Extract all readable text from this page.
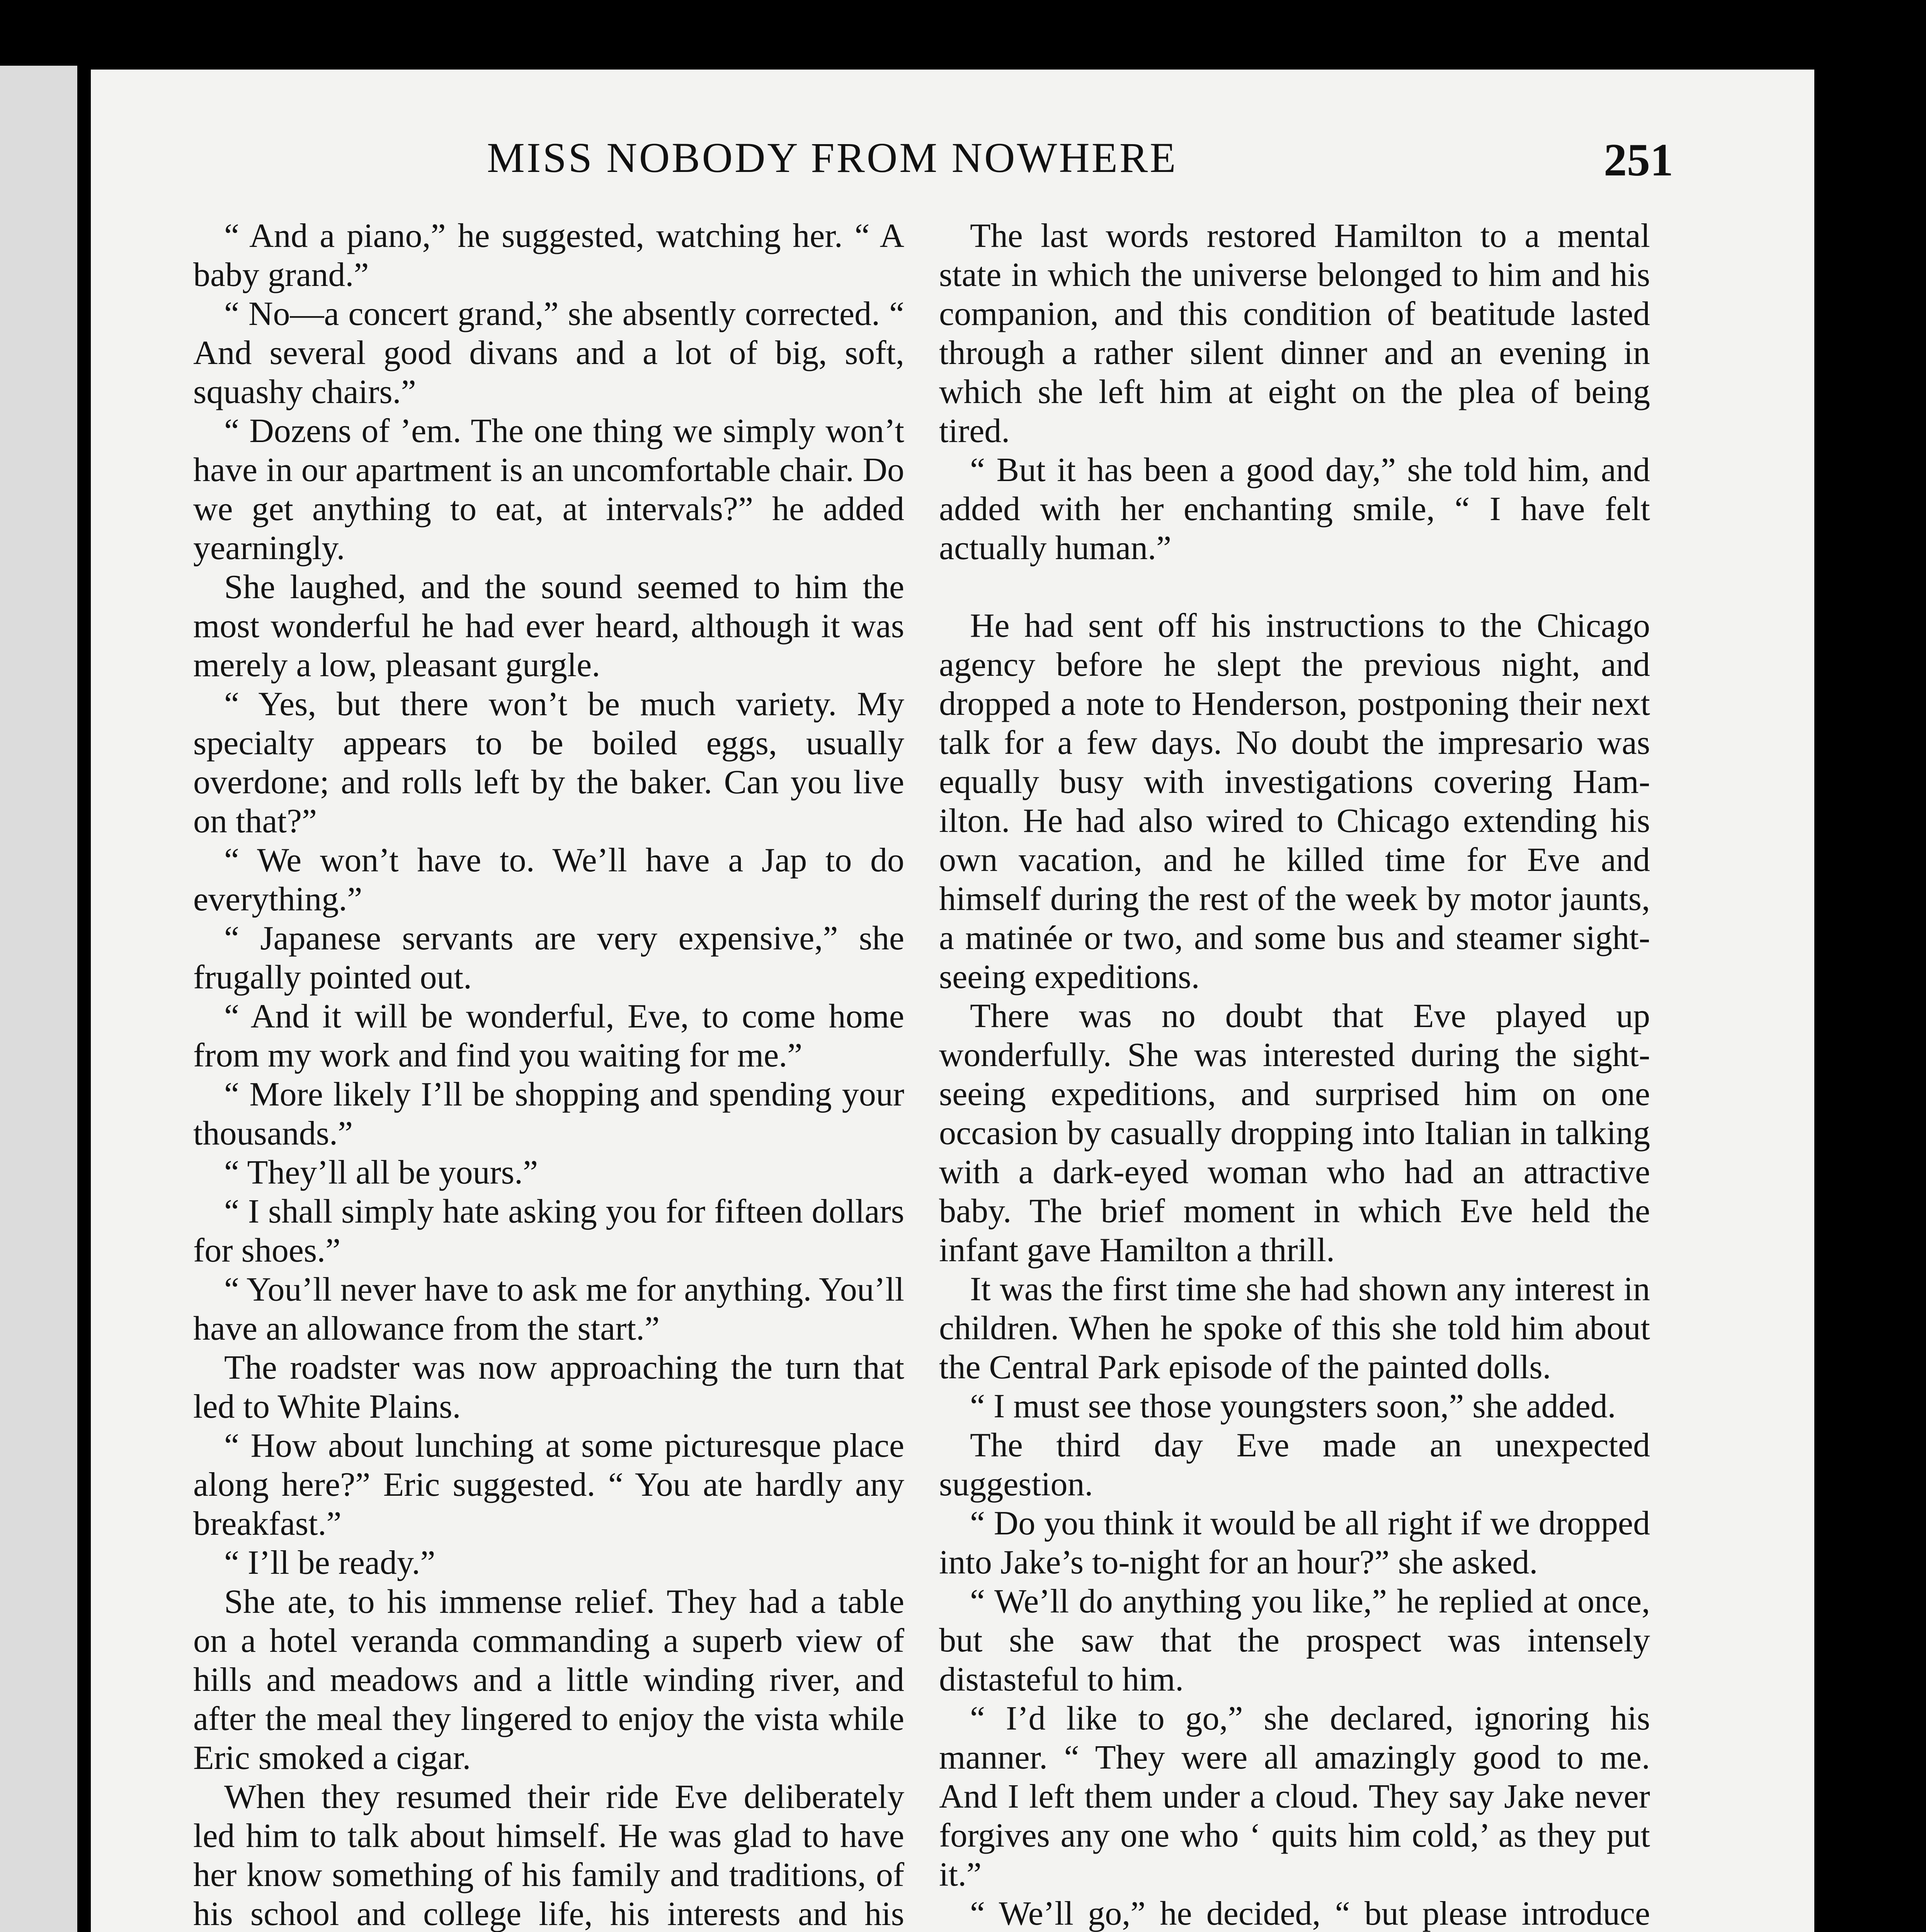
MISS NOBODY FROM NOWHERE	251

“ And a piano,” he suggested, watching her. “ A baby grand.”

“ No—a concert grand,” she absently corrected. “ And several good divans and a lot of big, soft, squashy chairs.”

“ Dozens of ’em. The one thing we simply won’t have in our apartment is an uncomfortable chair. Do we get anything to eat, at intervals?” he added yearningly.

She laughed, and the sound seemed to him the most wonderful he had ever heard, although it was merely a low, pleasant gurgle.

“ Yes, but there won’t be much variety. My specialty appears to be boiled eggs, usually overdone; and rolls left by the baker. Can you live on that?”

“ We won’t have to. We’ll have a Jap to do everything.”

“ Japanese servants are very expensive,” she frugally pointed out.

“ And it will be wonderful, Eve, to come home from my work and find you waiting for me.”

“ More likely I’ll be shopping and spending your thousands.”

“ They’ll all be yours.”

“ I shall simply hate asking you for fifteen dollars for shoes.”

“ You’ll never have to ask me for anything. You’ll have an allowance from the start.”

The roadster was now approaching the turn that led to White Plains.

“ How about lunching at some picturesque place along here?” Eric suggested. “ You ate hardly any breakfast.”

“ I’ll be ready.”

She ate, to his immense relief. They had a table on a hotel veranda commanding a superb view of hills and meadows and a little winding river, and after the meal they lingered to enjoy the vista while Eric smoked a cigar.

When they resumed their ride Eve deliberately led him to talk about himself. He was glad to have her know something of his family and traditions, of his school and college life, his interests and his

The last words restored Hamilton to a mental state in which the universe belonged to him and his companion, and this condition of beatitude lasted through a rather silent dinner and an evening in which she left him at eight on the plea of being tired.

“ But it has been a good day,” she told him, and added with her enchanting smile, “ I have felt actually human.”

He had sent off his instructions to the Chicago agency before he slept the previous night, and dropped a note to Henderson, postponing their next talk for a few days. No doubt the impresario was equally busy with investigations covering Hamilton. He had also wired to Chicago extending his own vacation, and he killed time for Eve and himself during the rest of the week by motor jaunts, a matinée or two, and some bus and steamer sight-seeing expeditions.

There was no doubt that Eve played up wonderfully. She was interested during the sight-seeing expeditions, and surprised him on one occasion by casually dropping into Italian in talking with a dark-eyed woman who had an attractive baby. The brief moment in which Eve held the infant gave Hamilton a thrill.

It was the first time she had shown any interest in children. When he spoke of this she told him about the Central Park episode of the painted dolls.

“ I must see those youngsters soon,” she added.

The third day Eve made an unexpected suggestion.

“ Do you think it would be all right if we dropped into Jake’s to-night for an hour?” she asked.

“ We’ll do anything you like,” he replied at once, but she saw that the prospect was intensely distasteful to him.

“ I’d like to go,” she declared, ignoring his manner. “ They were all amazingly good to me. And I left them under a cloud. They say Jake never forgives any one who ‘ quits him cold,’ as they put it.”

“ We’ll go,” he decided, “ but please introduce
